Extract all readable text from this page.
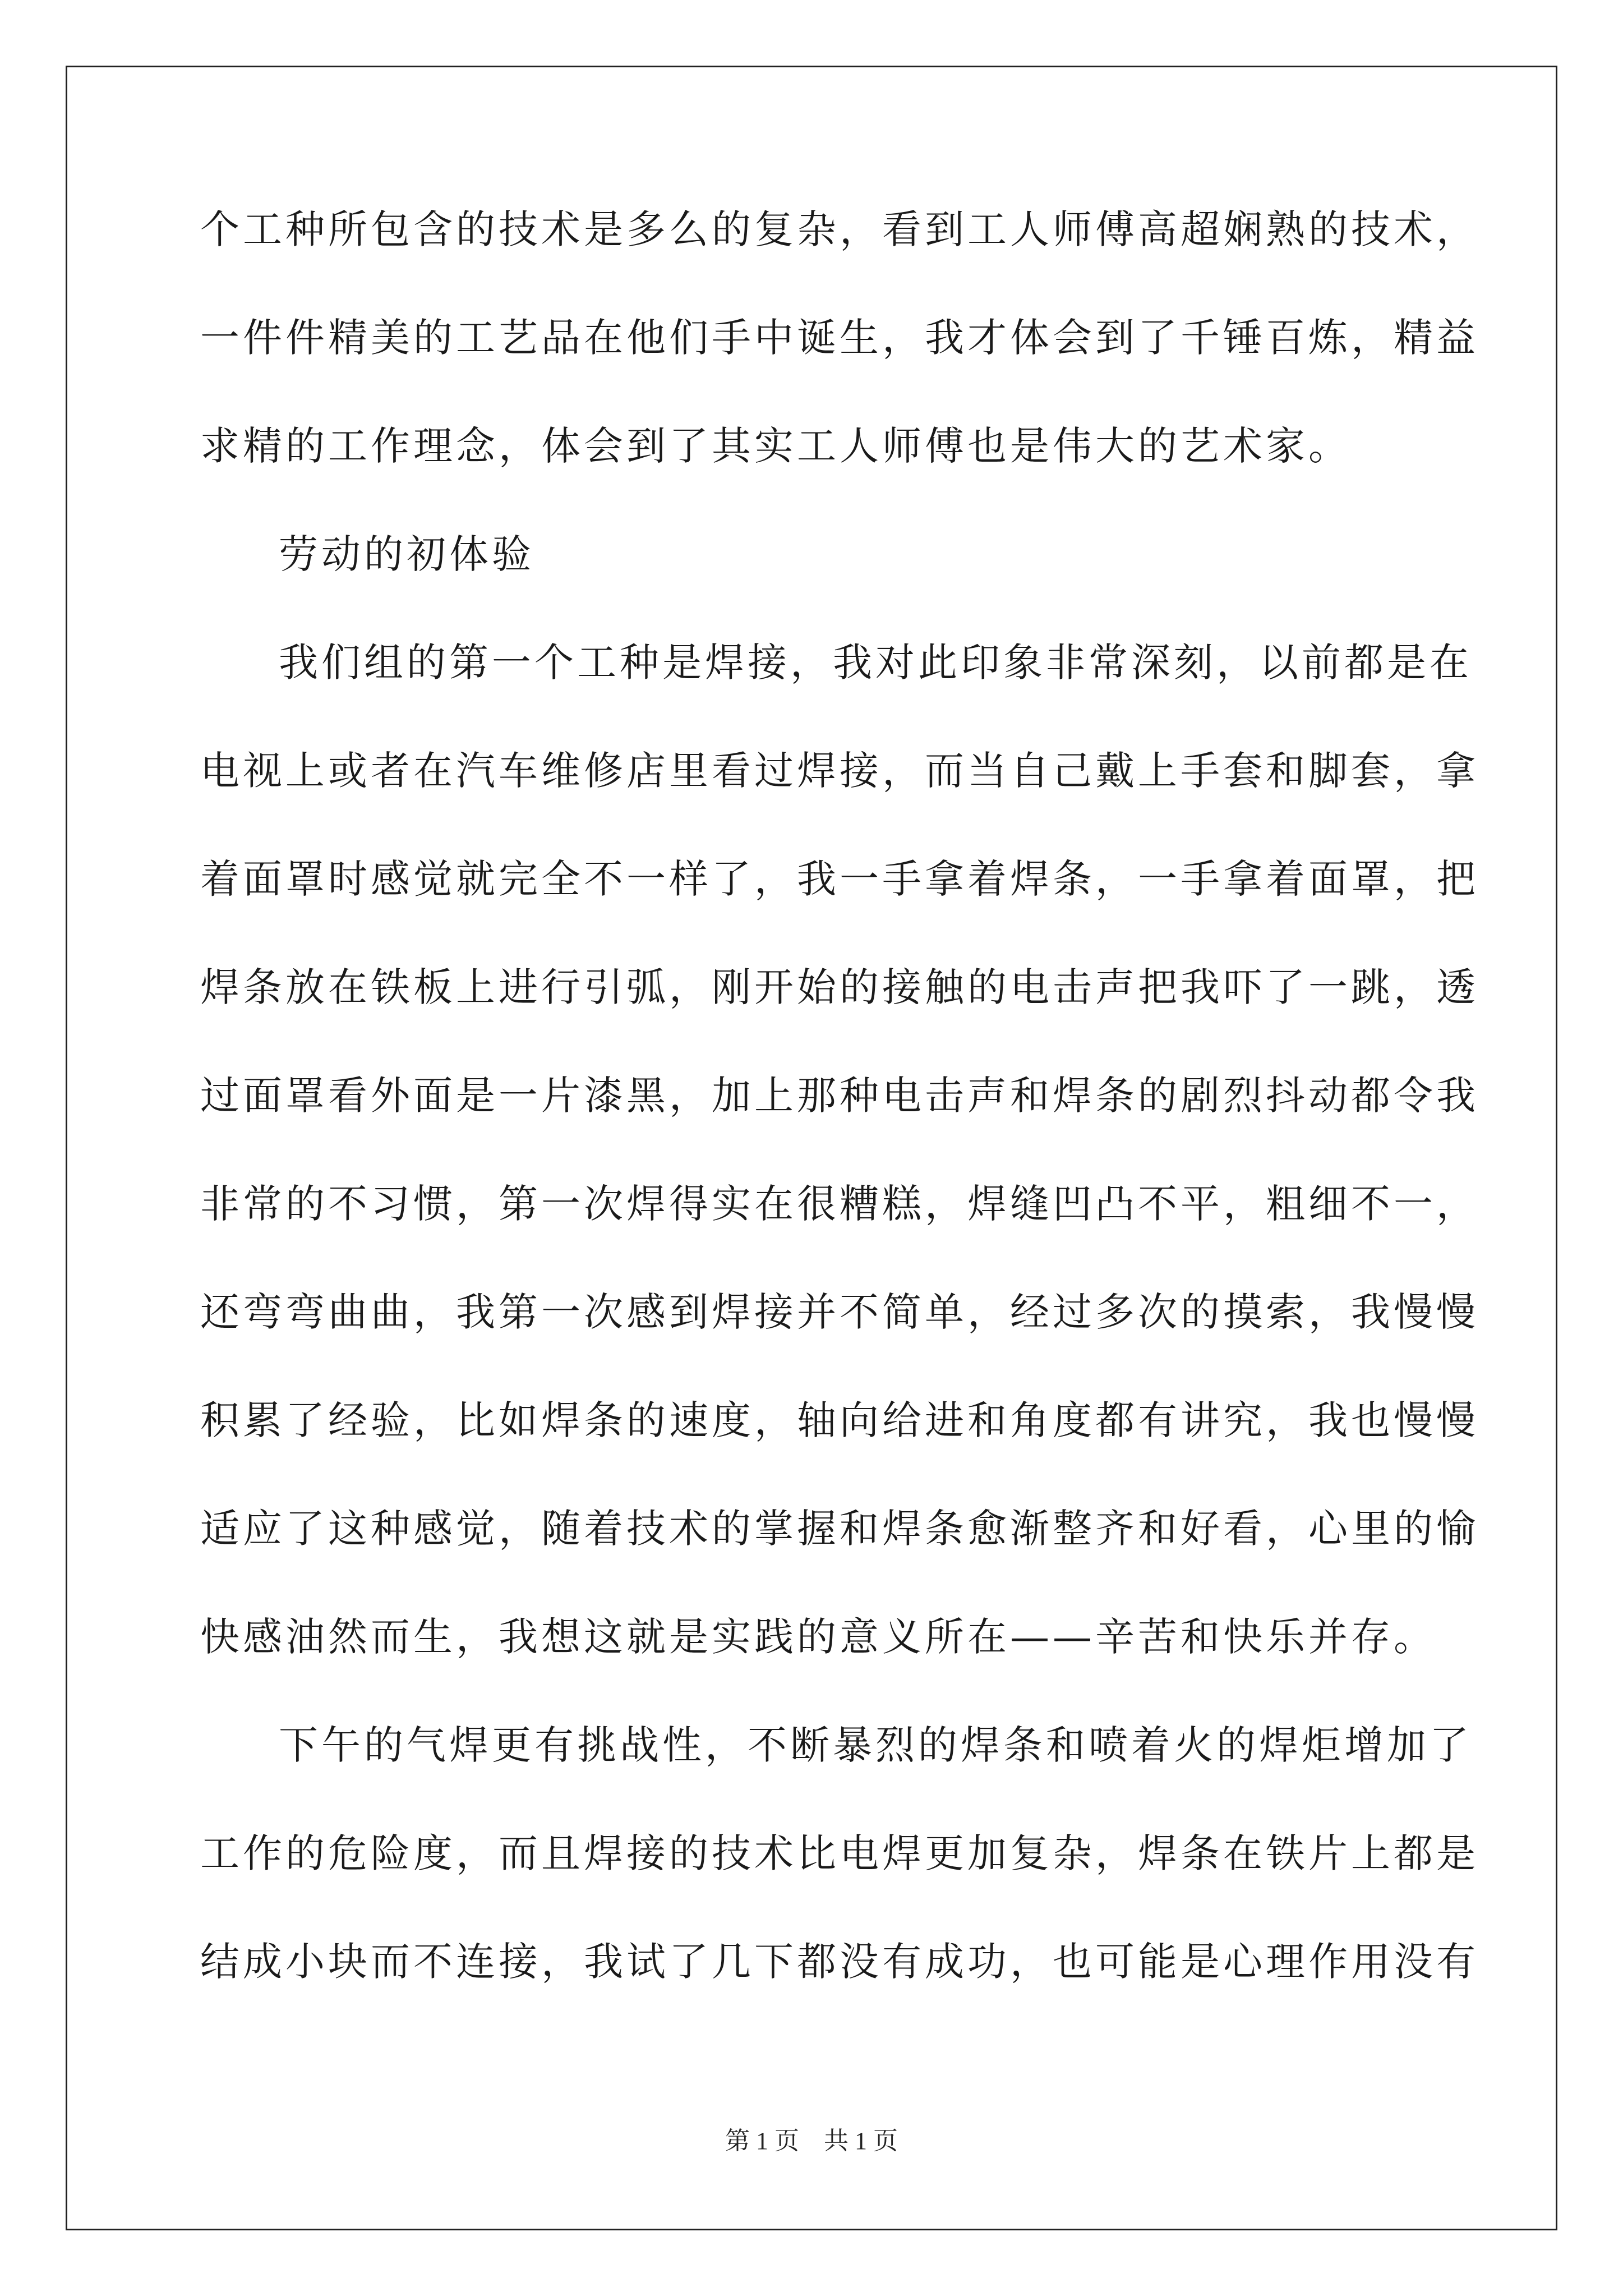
个工种所包含的技术是多么的复杂，看到工人师傅高超娴熟的技术，
一件件精美的工艺品在他们手中诞生，我才体会到了千锤百炼，精益
求精的工作理念，体会到了其实工人师傅也是伟大的艺术家。
劳动的初体验
我们组的第一个工种是焊接，我对此印象非常深刻，以前都是在
电视上或者在汽车维修店里看过焊接，而当自己戴上手套和脚套，拿
着面罩时感觉就完全不一样了，我一手拿着焊条，一手拿着面罩，把
焊条放在铁板上进行引弧，刚开始的接触的电击声把我吓了一跳，透
过面罩看外面是一片漆黑，加上那种电击声和焊条的剧烈抖动都令我
非常的不习惯，第一次焊得实在很糟糕，焊缝凹凸不平，粗细不一，
还弯弯曲曲，我第一次感到焊接并不简单，经过多次的摸索，我慢慢
积累了经验，比如焊条的速度，轴向给进和角度都有讲究，我也慢慢
适应了这种感觉，随着技术的掌握和焊条愈渐整齐和好看，心里的愉
快感油然而生，我想这就是实践的意义所在——辛苦和快乐并存。
下午的气焊更有挑战性，不断暴烈的焊条和喷着火的焊炬增加了
工作的危险度，而且焊接的技术比电焊更加复杂，焊条在铁片上都是
结成小块而不连接，我试了几下都没有成功，也可能是心理作用没有
第 1 页　共 1 页
